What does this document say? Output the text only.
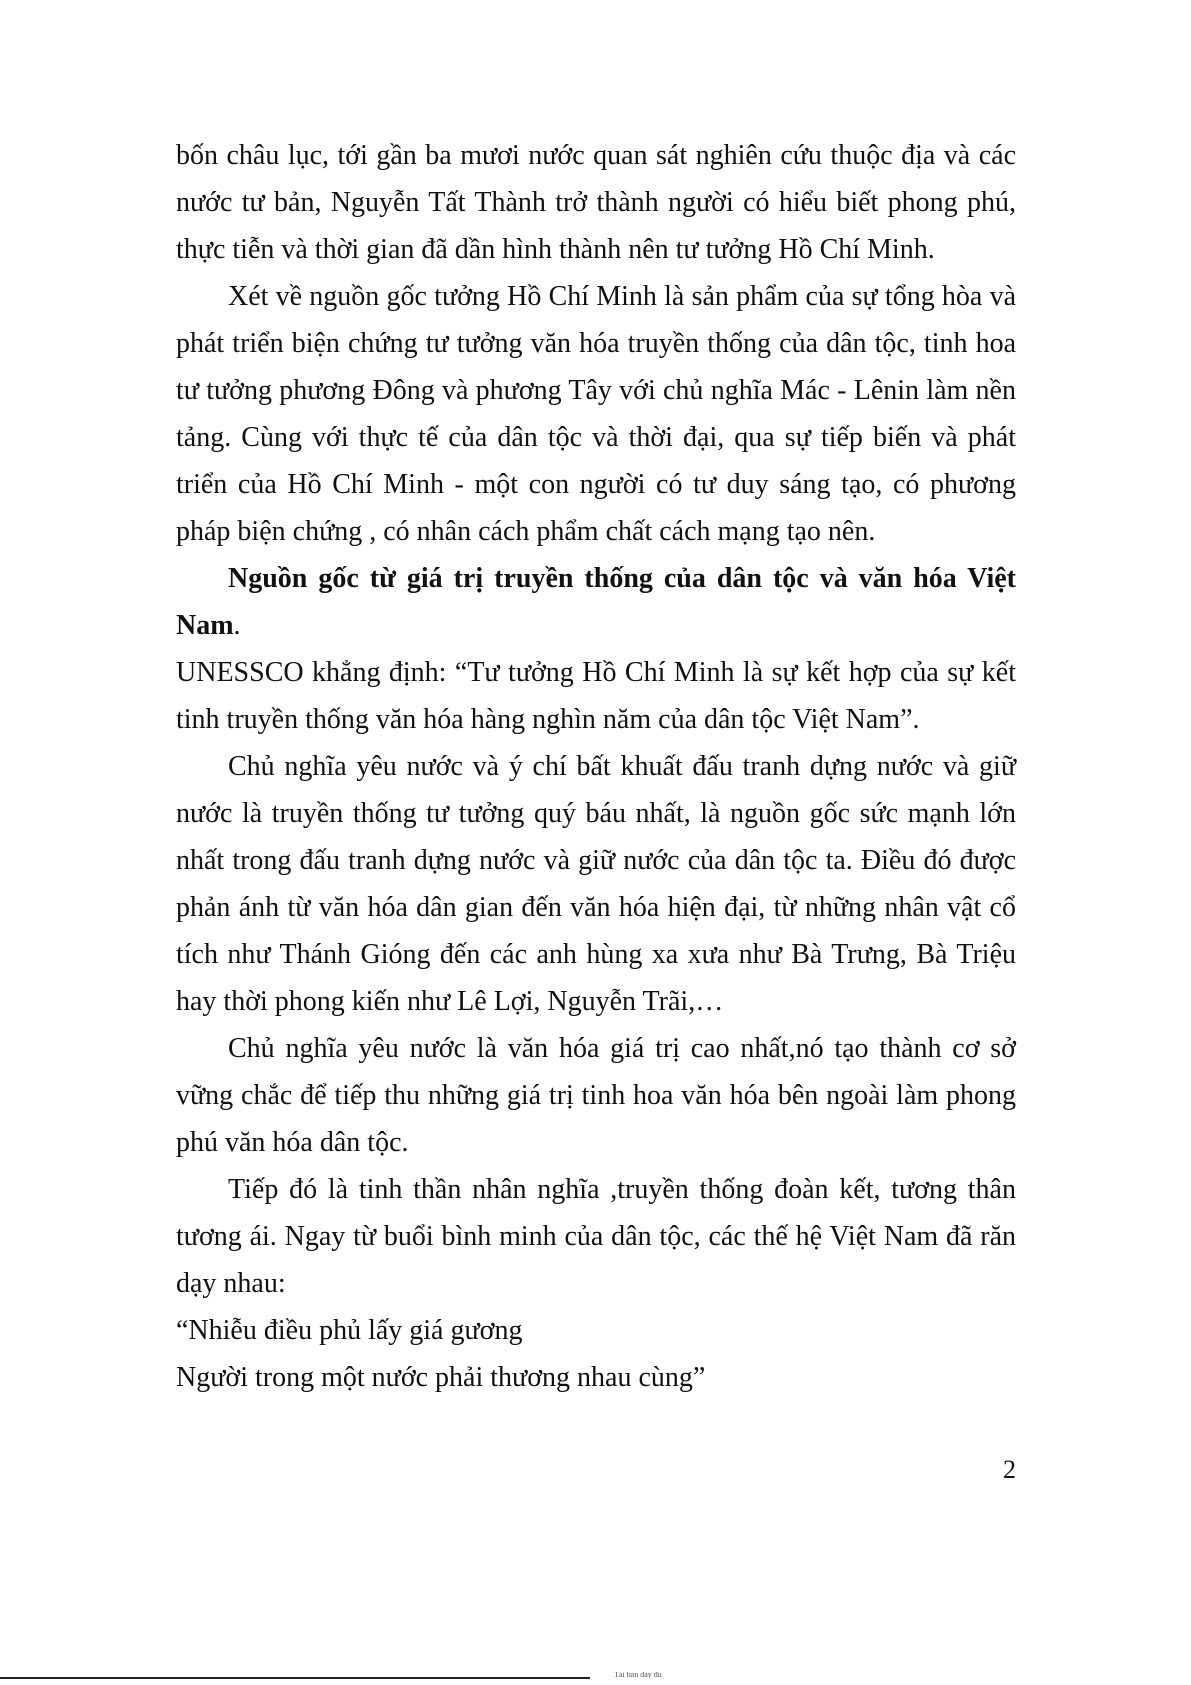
bốn châu lục, tới gần ba mươi nước quan sát nghiên cứu thuộc địa và các nước tư bản, Nguyễn Tất Thành trở thành người có hiểu biết phong phú, thực tiễn và thời gian đã dần hình thành nên tư tưởng Hồ Chí Minh.

Xét về nguồn gốc tưởng Hồ Chí Minh là sản phẩm của sự tổng hòa và phát triển biện chứng tư tưởng văn hóa truyền thống của dân tộc, tinh hoa tư tưởng phương Đông và phương Tây với chủ nghĩa Mác - Lênin làm nền tảng. Cùng với thực tế của dân tộc và thời đại, qua sự tiếp biến và phát triển của Hồ Chí Minh - một con người có tư duy sáng tạo, có phương pháp biện chứng , có nhân cách phẩm chất cách mạng tạo nên.

Nguồn gốc từ giá trị truyền thống của dân tộc và văn hóa Việt Nam.

UNESSCO khẳng định: “Tư tưởng Hồ Chí Minh là sự kết hợp của sự kết tinh truyền thống văn hóa hàng nghìn năm của dân tộc Việt Nam”.

Chủ nghĩa yêu nước và ý chí bất khuất đấu tranh dựng nước và giữ nước là truyền thống tư tưởng quý báu nhất, là nguồn gốc sức mạnh lớn nhất trong đấu tranh dựng nước và giữ nước của dân tộc ta. Điều đó được phản ánh từ văn hóa dân gian đến văn hóa hiện đại, từ những nhân vật cổ tích như Thánh Gióng đến các anh hùng xa xưa như Bà Trưng, Bà Triệu hay thời phong kiến như Lê Lợi, Nguyễn Trãi,…

Chủ nghĩa yêu nước là văn hóa giá trị cao nhất,nó tạo thành cơ sở vững chắc để tiếp thu những giá trị tinh hoa văn hóa bên ngoài làm phong phú văn hóa dân tộc.

Tiếp đó là tinh thần nhân nghĩa ,truyền thống đoàn kết, tương thân tương ái. Ngay từ buổi bình minh của dân tộc, các thế hệ Việt Nam đã răn dạy nhau:

“Nhiễu điều phủ lấy giá gương

Người trong một nước phải thương nhau cùng”

2
Tải bản đầy đủ
